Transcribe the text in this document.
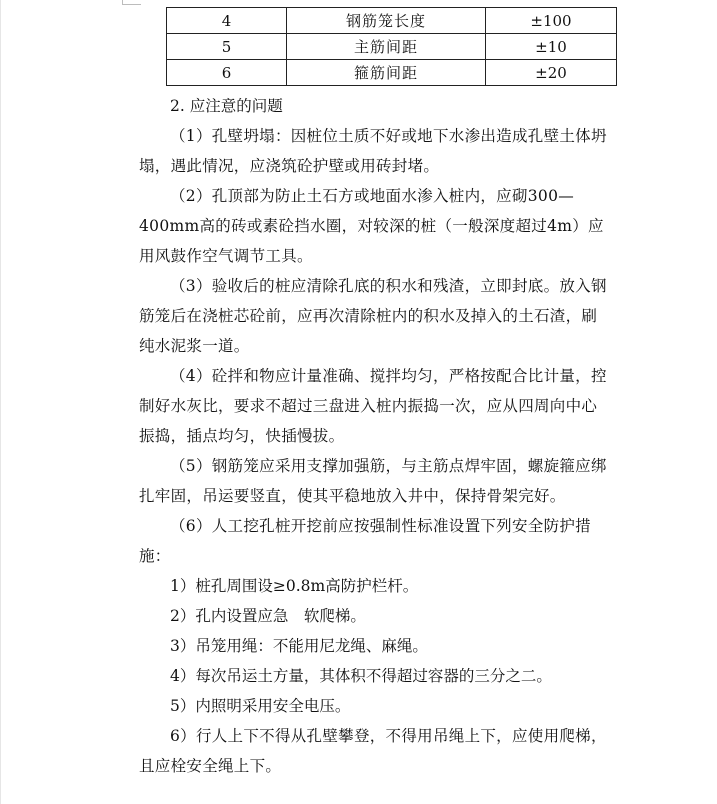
4	钢筋笼长度	±100
5	主筋间距	±10
6	箍筋间距	±20

2. 应注意的问题

（1）孔壁坍塌：因桩位土质不好或地下水渗出造成孔壁土体坍塌，遇此情况，应浇筑砼护壁或用砖封堵。

（2）孔顶部为防止土石方或地面水渗入桩内，应砌300—400mm高的砖或素砼挡水圈，对较深的桩（一般深度超过4m）应用风鼓作空气调节工具。

（3）验收后的桩应清除孔底的积水和残渣，立即封底。放入钢筋笼后在浇桩芯砼前，应再次清除桩内的积水及掉入的土石渣，刷纯水泥浆一道。

（4）砼拌和物应计量准确、搅拌均匀，严格按配合比计量，控制好水灰比，要求不超过三盘进入桩内振捣一次，应从四周向中心振捣，插点均匀，快插慢拔。

（5）钢筋笼应采用支撑加强筋，与主筋点焊牢固，螺旋箍应绑扎牢固，吊运要竖直，使其平稳地放入井中，保持骨架完好。

（6）人工挖孔桩开挖前应按强制性标准设置下列安全防护措施：

1）桩孔周围设≥0.8m高防护栏杆。

2）孔内设置应急　软爬梯。

3）吊笼用绳：不能用尼龙绳、麻绳。

4）每次吊运土方量，其体积不得超过容器的三分之二。

5）内照明采用安全电压。

6）行人上下不得从孔壁攀登，不得用吊绳上下，应使用爬梯，且应栓安全绳上下。
